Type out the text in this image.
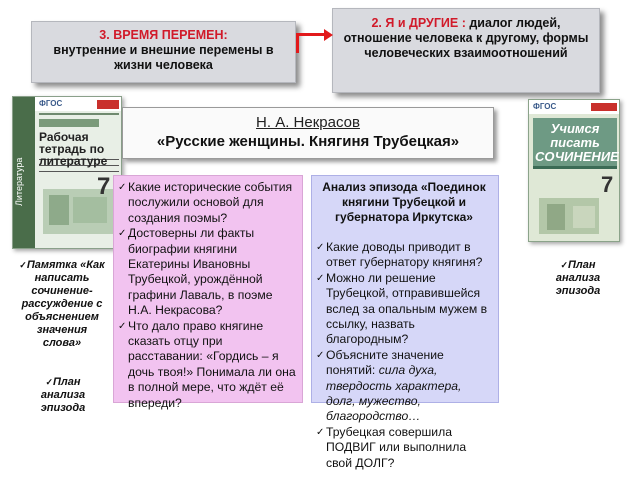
3. ВРЕМЯ ПЕРЕМЕН:
внутренние и внешние перемены в жизни человека
2. Я и ДРУГИЕ : диалог людей, отношение человека к другому, формы человеческих взаимоотношений
Литература
ФГОС
Рабочая тетрадь по литературе
7
ФГОС
Учимся писать СОЧИНЕНИЕ
7
Н. А. Некрасов
«Русские женщины. Княгиня Трубецкая»

✓ Какие исторические события послужили основой для создания поэмы?

✓ Достоверны ли факты биографии княгини Екатерины Ивановны Трубецкой, урождённой графини Лаваль, в поэме Н.А. Некрасова?

✓ Что дало право княгине сказать отцу при расставании: «Гордись – я дочь твоя!» Понимала ли она в полной мере, что ждёт её впереди?

Анализ эпизода «Поединок княгини Трубецкой и губернатора Иркутска»

✓ Какие доводы приводит в ответ губернатору княгиня?

✓ Можно ли решение Трубецкой, отправившейся вслед за опальным мужем в ссылку, назвать благородным?

✓ Объясните значение понятий: сила духа, твердость характера, долг, мужество, благородство…

✓ Трубецкая совершила ПОДВИГ или выполнила свой ДОЛГ?

✓Памятка «Как написать сочинение-рассуждение с объяснением значения слова»
✓План анализа эпизода
✓План анализа эпизода
